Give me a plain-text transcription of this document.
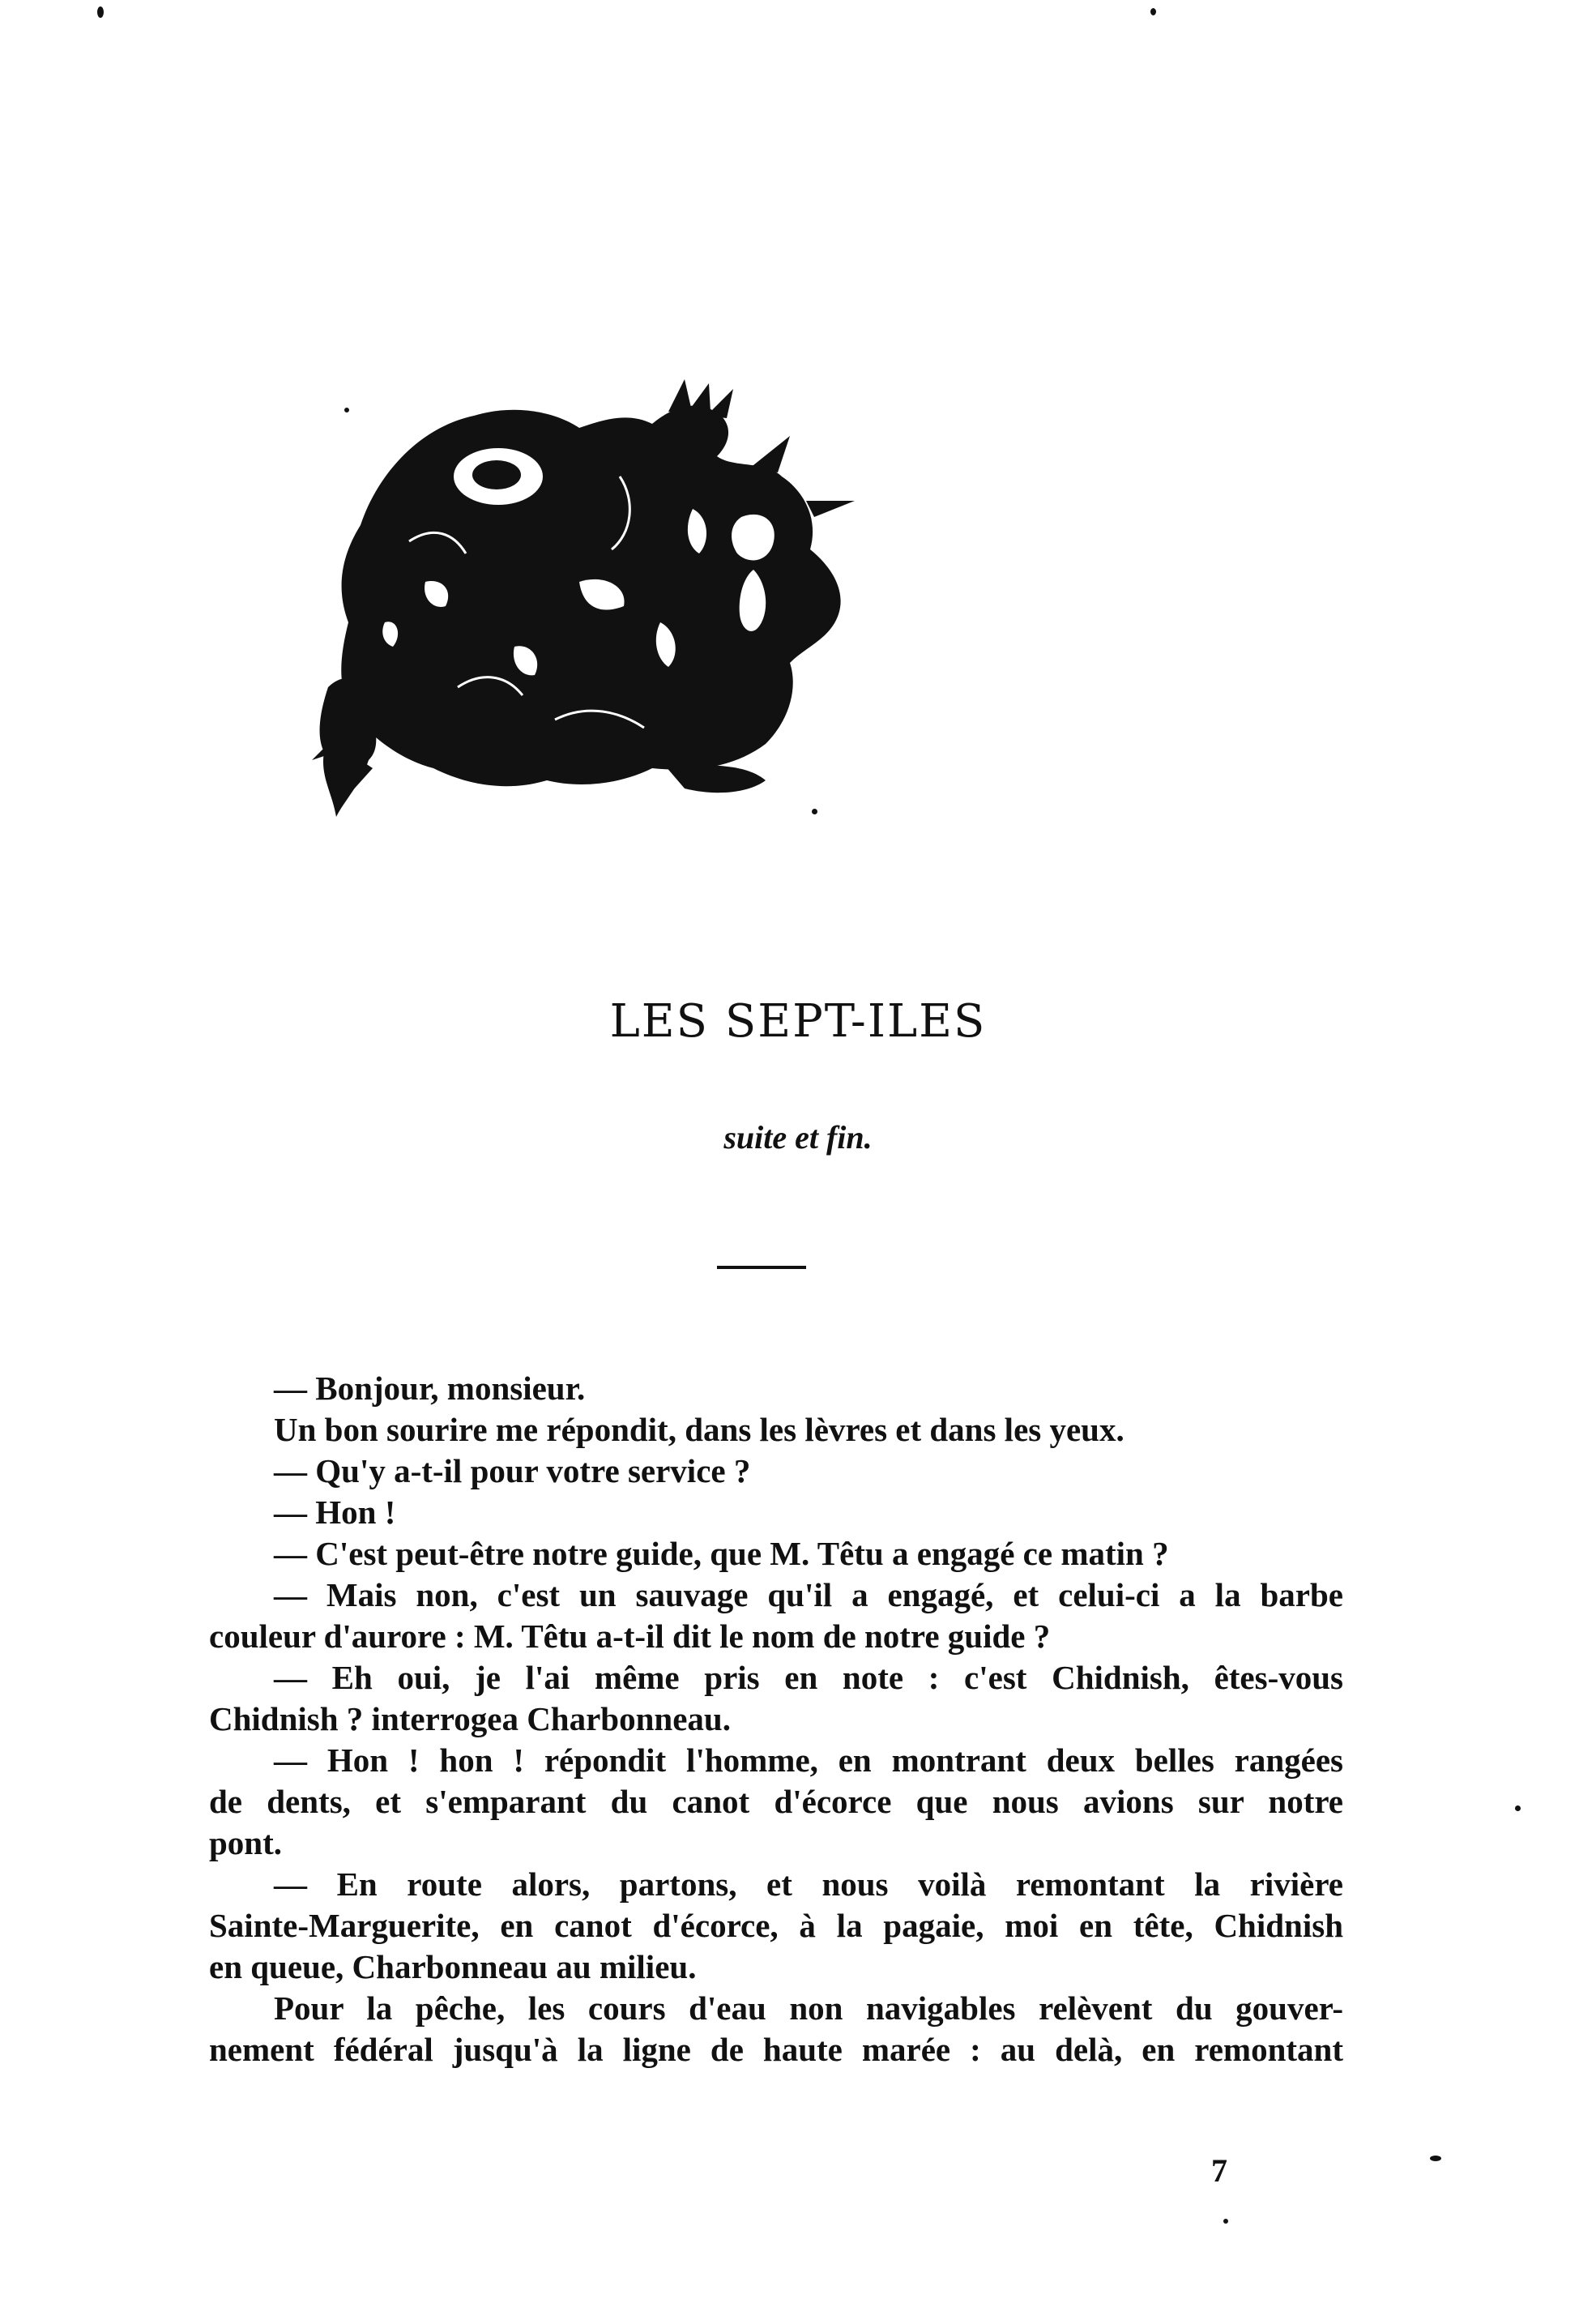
LES SEPT-ILES
suite et fin.
— Bonjour, monsieur.
Un bon sourire me répondit, dans les lèvres et dans les yeux.
— Qu'y a-t-il pour votre service ?
— Hon !
— C'est peut-être notre guide, que M. Têtu a engagé ce matin ?
— Mais non, c'est un sauvage qu'il a engagé, et celui-ci a la barbe
couleur d'aurore : M. Têtu a-t-il dit le nom de notre guide ?
— Eh oui, je l'ai même pris en note : c'est Chidnish, êtes-vous
Chidnish ? interrogea Charbonneau.
— Hon ! hon ! répondit l'homme, en montrant deux belles rangées
de dents, et s'emparant du canot d'écorce que nous avions sur notre
pont.
— En route alors, partons, et nous voilà remontant la rivière
Sainte-Marguerite, en canot d'écorce, à la pagaie, moi en tête, Chidnish
en queue, Charbonneau au milieu.
Pour la pêche, les cours d'eau non navigables relèvent du gouver-
nement fédéral jusqu'à la ligne de haute marée : au delà, en remontant
7
